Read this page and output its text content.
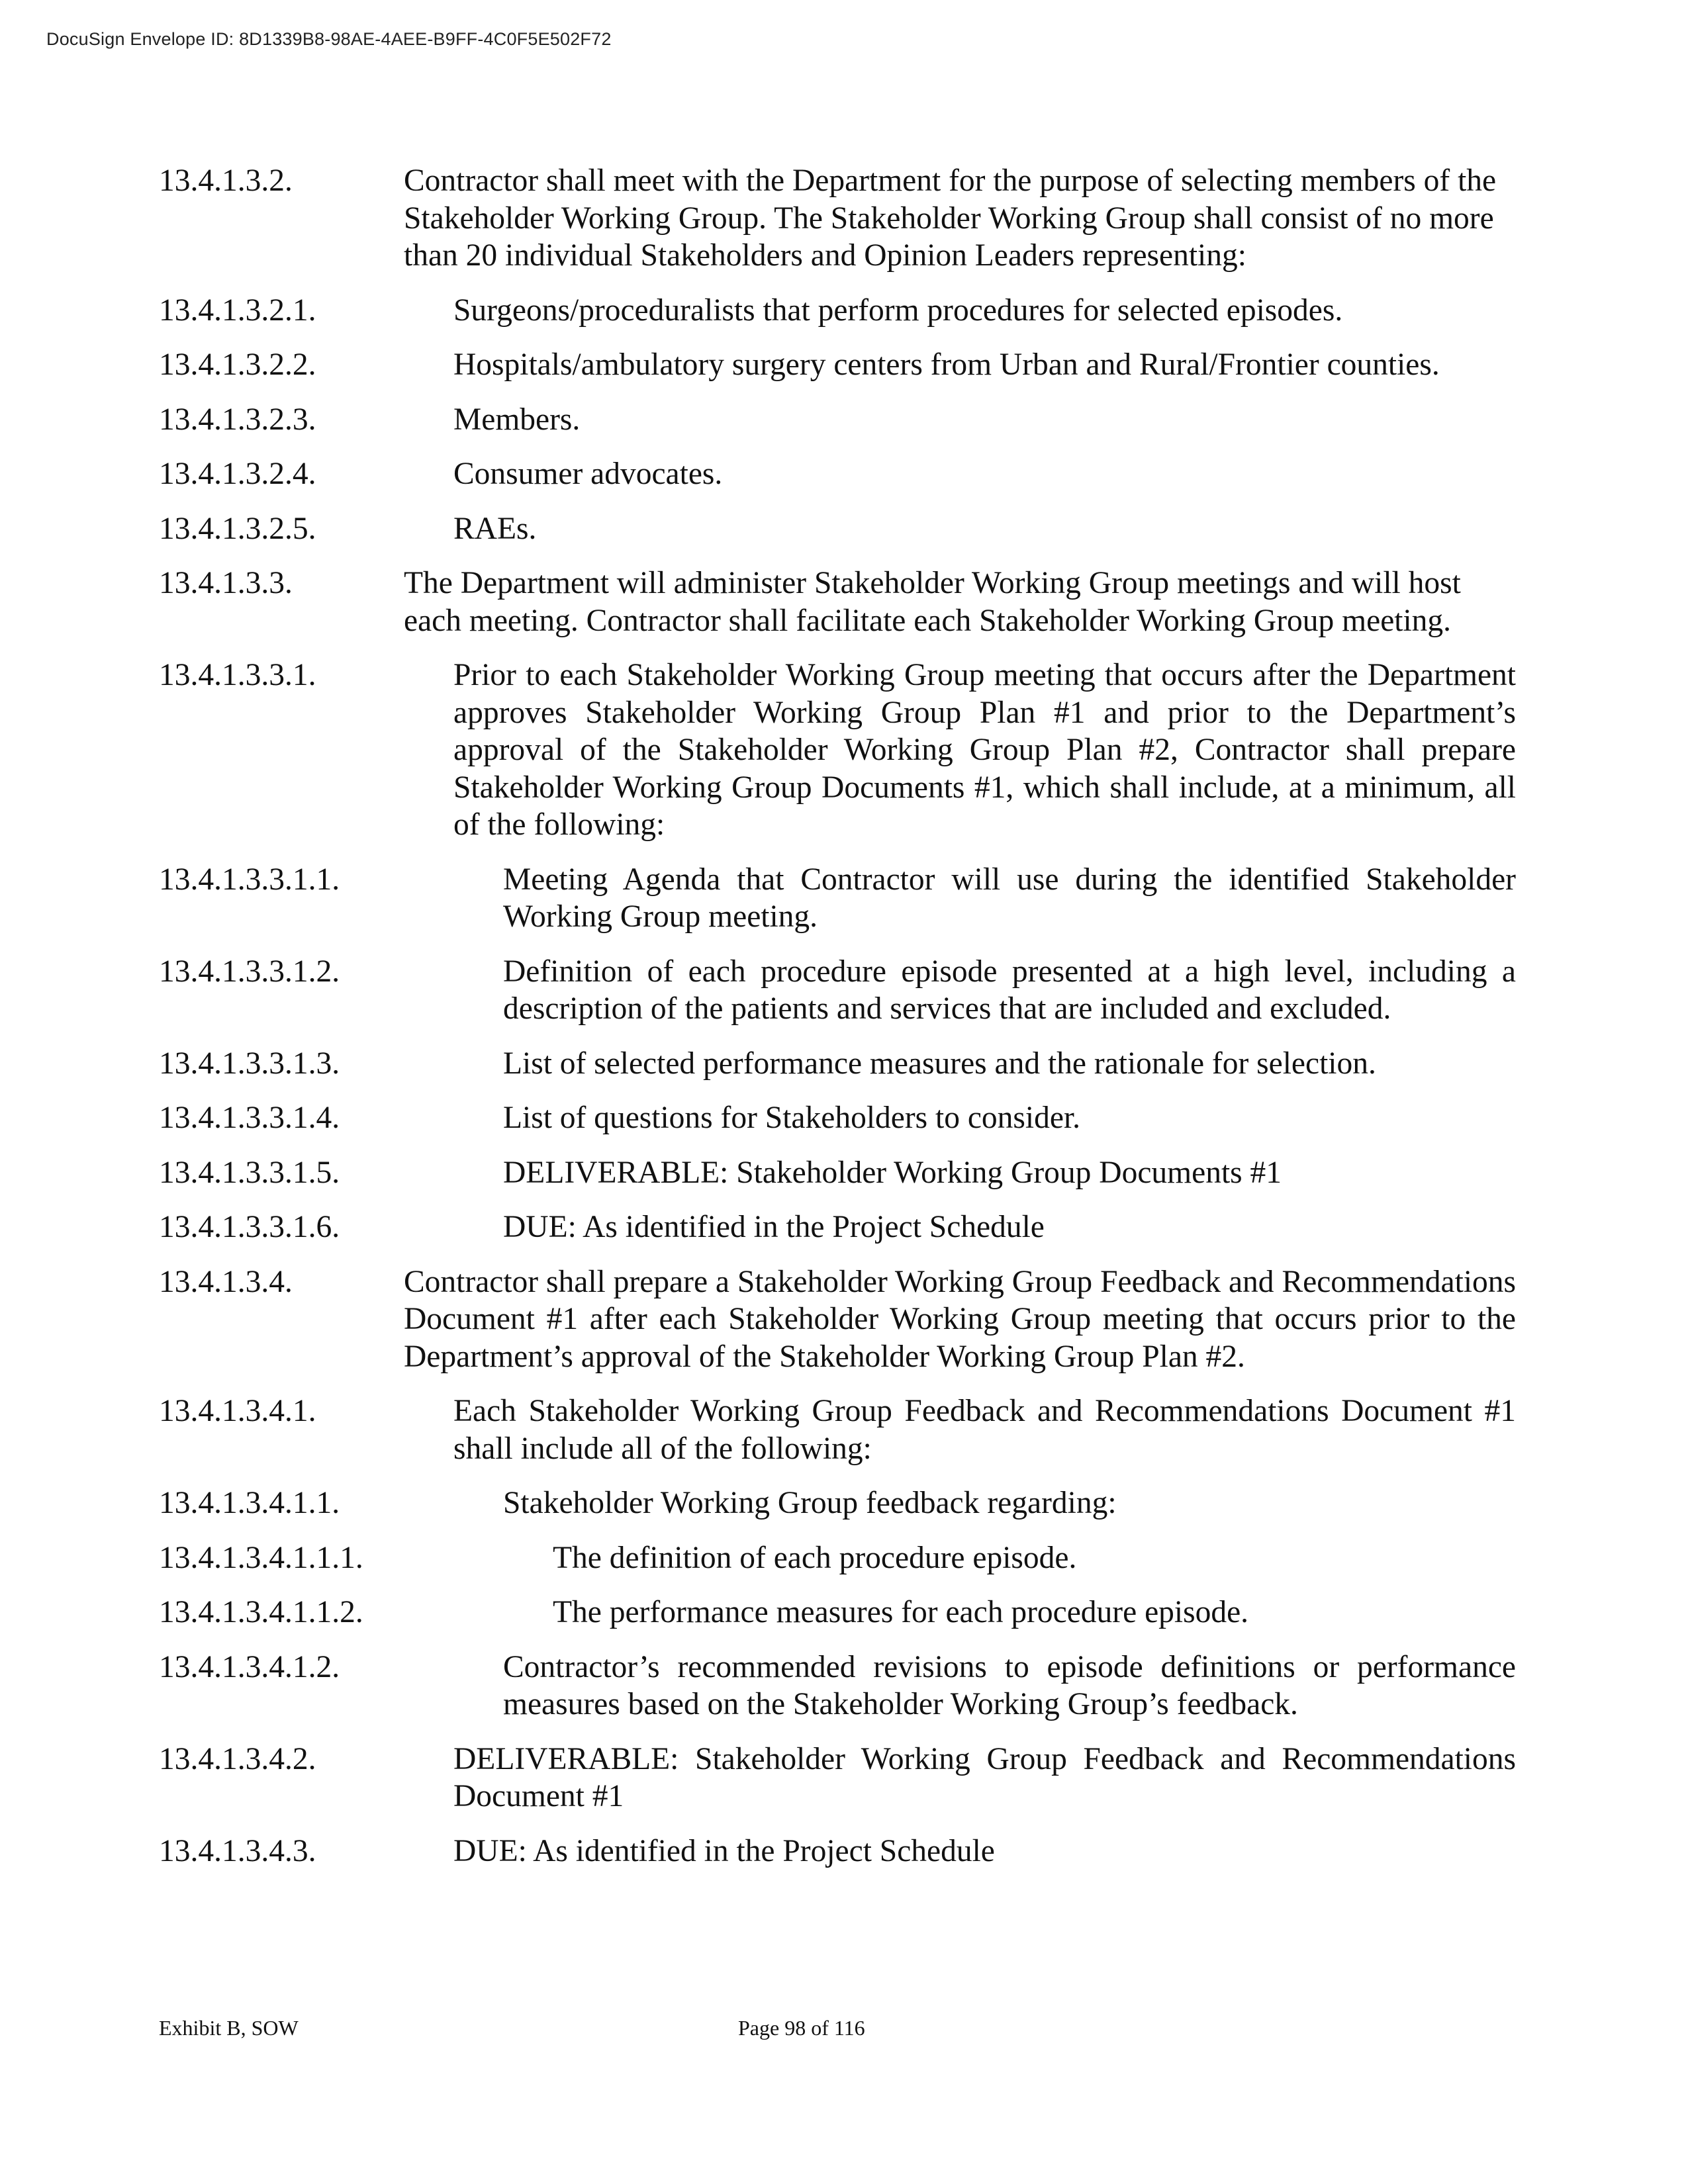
DocuSign Envelope ID: 8D1339B8-98AE-4AEE-B9FF-4C0F5E502F72
13.4.1.3.2.	Contractor shall meet with the Department for the purpose of selecting members of the Stakeholder Working Group. The Stakeholder Working Group shall consist of no more than 20 individual Stakeholders and Opinion Leaders representing:
13.4.1.3.2.1.	Surgeons/proceduralists that perform procedures for selected episodes.
13.4.1.3.2.2.	Hospitals/ambulatory surgery centers from Urban and Rural/Frontier counties.
13.4.1.3.2.3.	Members.
13.4.1.3.2.4.	Consumer advocates.
13.4.1.3.2.5.	RAEs.
13.4.1.3.3.	The Department will administer Stakeholder Working Group meetings and will host each meeting. Contractor shall facilitate each Stakeholder Working Group meeting.
13.4.1.3.3.1.	Prior to each Stakeholder Working Group meeting that occurs after the Department approves Stakeholder Working Group Plan #1 and prior to the Department’s approval of the Stakeholder Working Group Plan #2, Contractor shall prepare Stakeholder Working Group Documents #1, which shall include, at a minimum, all of the following:
13.4.1.3.3.1.1.	Meeting Agenda that Contractor will use during the identified Stakeholder Working Group meeting.
13.4.1.3.3.1.2.	Definition of each procedure episode presented at a high level, including a description of the patients and services that are included and excluded.
13.4.1.3.3.1.3.	List of selected performance measures and the rationale for selection.
13.4.1.3.3.1.4.	List of questions for Stakeholders to consider.
13.4.1.3.3.1.5.	DELIVERABLE: Stakeholder Working Group Documents #1
13.4.1.3.3.1.6.	DUE: As identified in the Project Schedule
13.4.1.3.4.	Contractor shall prepare a Stakeholder Working Group Feedback and Recommendations Document #1 after each Stakeholder Working Group meeting that occurs prior to the Department’s approval of the Stakeholder Working Group Plan #2.
13.4.1.3.4.1.	Each Stakeholder Working Group Feedback and Recommendations Document #1 shall include all of the following:
13.4.1.3.4.1.1.	Stakeholder Working Group feedback regarding:
13.4.1.3.4.1.1.1.	The definition of each procedure episode.
13.4.1.3.4.1.1.2.	The performance measures for each procedure episode.
13.4.1.3.4.1.2.	Contractor’s recommended revisions to episode definitions or performance measures based on the Stakeholder Working Group’s feedback.
13.4.1.3.4.2.	DELIVERABLE: Stakeholder Working Group Feedback and Recommendations Document #1
13.4.1.3.4.3.	DUE: As identified in the Project Schedule
Exhibit B, SOW	Page 98 of 116
